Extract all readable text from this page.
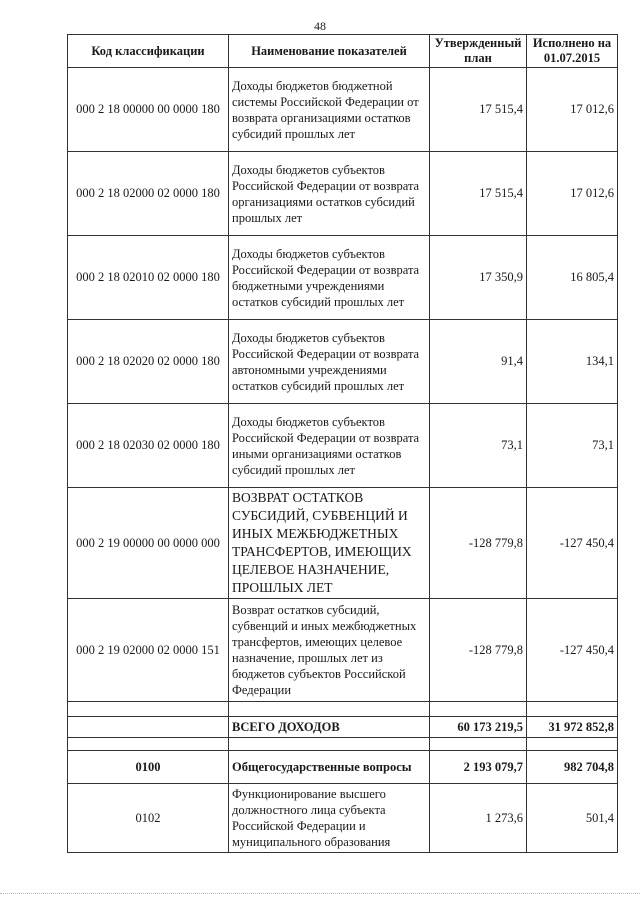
48
Код классификации	Наименование показателей	Утвержденный план	Исполнено на 01.07.2015
000 2 18 00000 00 0000 180	Доходы бюджетов бюджетной системы Российской Федерации от возврата организациями остатков субсидий прошлых лет	17 515,4	17 012,6
000 2 18 02000 02 0000 180	Доходы бюджетов субъектов Российской Федерации от возврата организациями остатков субсидий прошлых лет	17 515,4	17 012,6
000 2 18 02010 02 0000 180	Доходы бюджетов субъектов Российской Федерации от возврата бюджетными учреждениями остатков субсидий прошлых лет	17 350,9	16 805,4
000 2 18 02020 02 0000 180	Доходы бюджетов субъектов Российской Федерации от возврата автономными учреждениями остатков субсидий прошлых лет	91,4	134,1
000 2 18 02030 02 0000 180	Доходы бюджетов субъектов Российской Федерации от возврата иными организациями остатков субсидий прошлых лет	73,1	73,1
000 2 19 00000 00 0000 000	ВОЗВРАТ ОСТАТКОВ СУБСИДИЙ, СУБВЕНЦИЙ И ИНЫХ МЕЖБЮДЖЕТНЫХ ТРАНСФЕРТОВ, ИМЕЮЩИХ ЦЕЛЕВОЕ НАЗНАЧЕНИЕ, ПРОШЛЫХ ЛЕТ	-128 779,8	-127 450,4
000 2 19 02000 02 0000 151	Возврат остатков субсидий, субвенций и иных межбюджетных трансфертов, имеющих целевое назначение, прошлых лет из бюджетов субъектов Российской Федерации	-128 779,8	-127 450,4

	ВСЕГО ДОХОДОВ	60 173 219,5	31 972 852,8

0100	Общегосударственные вопросы	2 193 079,7	982 704,8
0102	Функционирование высшего должностного лица субъекта Российской Федерации и муниципального образования	1 273,6	501,4
